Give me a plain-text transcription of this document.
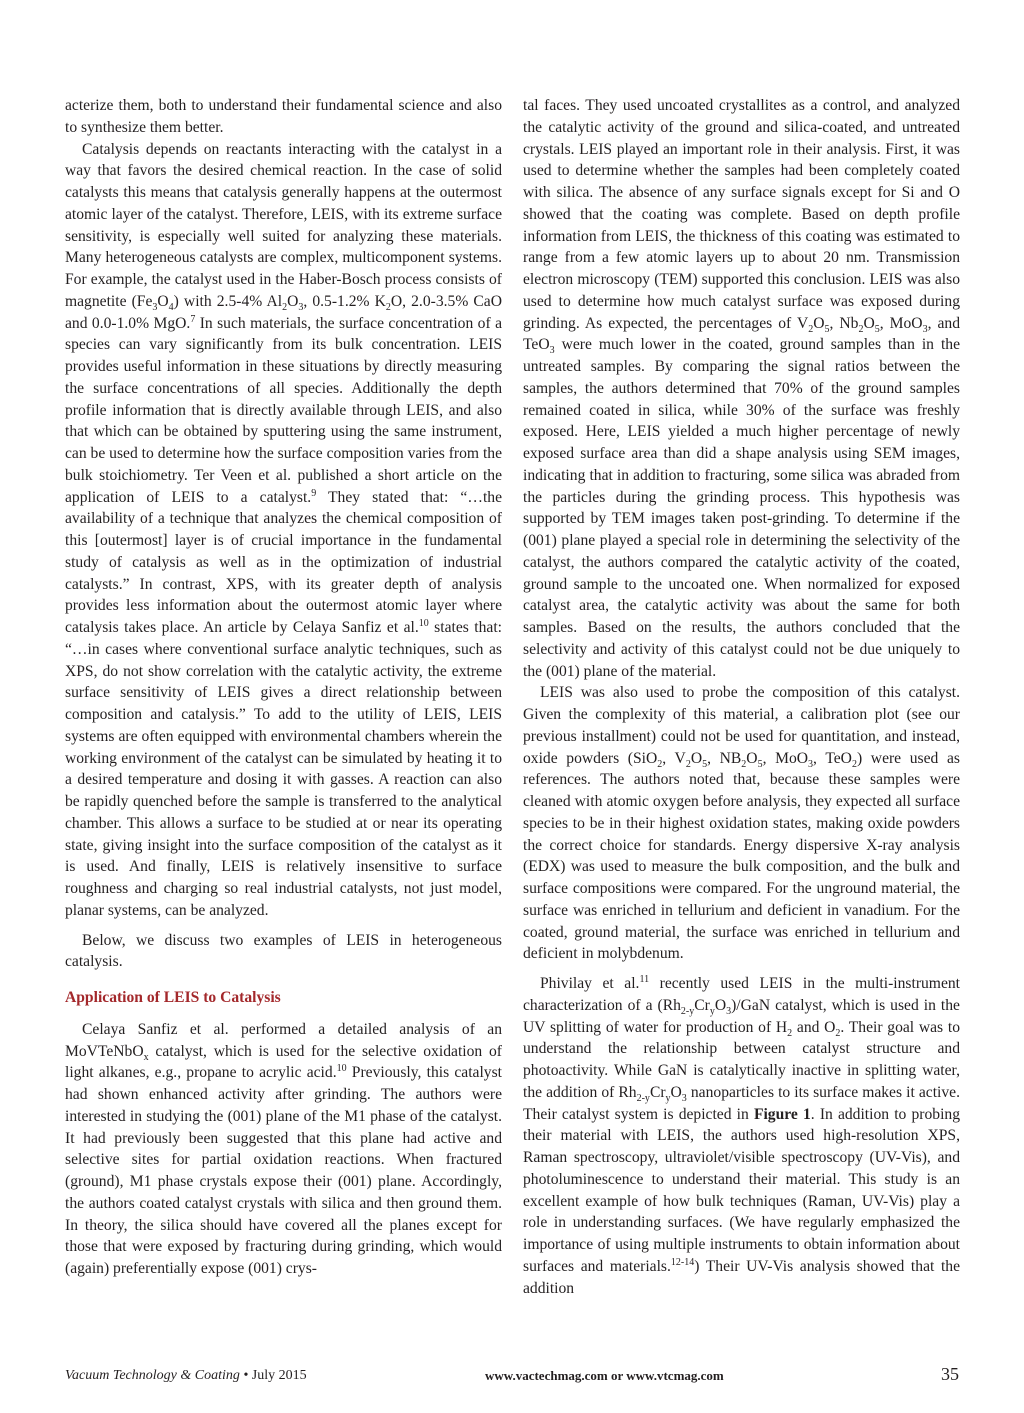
acterize them, both to understand their fundamental science and also to synthesize them better.

Catalysis depends on reactants interacting with the catalyst in a way that favors the desired chemical reaction. In the case of solid catalysts this means that catalysis generally happens at the outermost atomic layer of the catalyst. Therefore, LEIS, with its extreme surface sensitivity, is especially well suited for analyzing these materials. Many heterogeneous catalysts are complex, multicomponent systems. For example, the catalyst used in the Haber-Bosch process consists of magnetite $(Fe_3O_4)$ with 2.5-4% $Al_2O_3$, 0.5-1.2% $K_2O$, 2.0-3.5% CaO and 0.0-1.0% MgO.$^7$ In such materials, the surface concentration of a species can vary significantly from its bulk concentration. LEIS provides useful information in these situations by directly measuring the surface concentrations of all species. Additionally the depth profile information that is directly available through LEIS, and also that which can be obtained by sputtering using the same instrument, can be used to determine how the surface composition varies from the bulk stoichiometry. Ter Veen et al. published a short article on the application of LEIS to a catalyst.$^9$ They stated that: “…the availability of a technique that analyzes the chemical composition of this [outermost] layer is of crucial importance in the fundamental study of catalysis as well as in the optimization of industrial catalysts.” In contrast, XPS, with its greater depth of analysis provides less information about the outermost atomic layer where catalysis takes place. An article by Celaya Sanfiz et al.$^{10}$ states that: “…in cases where conventional surface analytic techniques, such as XPS, do not show correlation with the catalytic activity, the extreme surface sensitivity of LEIS gives a direct relationship between composition and catalysis.” To add to the utility of LEIS, LEIS systems are often equipped with environmental chambers wherein the working environment of the catalyst can be simulated by heating it to a desired temperature and dosing it with gasses. A reaction can also be rapidly quenched before the sample is transferred to the analytical chamber. This allows a surface to be studied at or near its operating state, giving insight into the surface composition of the catalyst as it is used. And finally, LEIS is relatively insensitive to surface roughness and charging so real industrial catalysts, not just model, planar systems, can be analyzed.

Below, we discuss two examples of LEIS in heterogeneous catalysis.

Application of LEIS to Catalysis

Celaya Sanfiz et al. performed a detailed analysis of an MoVTeNbO$_x$ catalyst, which is used for the selective oxidation of light alkanes, e.g., propane to acrylic acid.$^{10}$ Previously, this catalyst had shown enhanced activity after grinding. The authors were interested in studying the (001) plane of the M1 phase of the catalyst. It had previously been suggested that this plane had active and selective sites for partial oxidation reactions. When fractured (ground), M1 phase crystals expose their (001) plane. Accordingly, the authors coated catalyst crystals with silica and then ground them. In theory, the silica should have covered all the planes except for those that were exposed by fracturing during grinding, which would (again) preferentially expose (001) crys-

tal faces. They used uncoated crystallites as a control, and analyzed the catalytic activity of the ground and silica-coated, and untreated crystals. LEIS played an important role in their analysis. First, it was used to determine whether the samples had been completely coated with silica. The absence of any surface signals except for Si and O showed that the coating was complete. Based on depth profile information from LEIS, the thickness of this coating was estimated to range from a few atomic layers up to about 20 nm. Transmission electron microscopy (TEM) supported this conclusion. LEIS was also used to determine how much catalyst surface was exposed during grinding. As expected, the percentages of $V_2O_5$, $Nb_2O_5$, MoO$_3$, and TeO$_3$ were much lower in the coated, ground samples than in the untreated samples. By comparing the signal ratios between the samples, the authors determined that 70% of the ground samples remained coated in silica, while 30% of the surface was freshly exposed. Here, LEIS yielded a much higher percentage of newly exposed surface area than did a shape analysis using SEM images, indicating that in addition to fracturing, some silica was abraded from the particles during the grinding process. This hypothesis was supported by TEM images taken post-grinding. To determine if the (001) plane played a special role in determining the selectivity of the catalyst, the authors compared the catalytic activity of the coated, ground sample to the uncoated one. When normalized for exposed catalyst area, the catalytic activity was about the same for both samples. Based on the results, the authors concluded that the selectivity and activity of this catalyst could not be due uniquely to the (001) plane of the material.

LEIS was also used to probe the composition of this catalyst. Given the complexity of this material, a calibration plot (see our previous installment) could not be used for quantitation, and instead, oxide powders (SiO$_2$, $V_2O_5$, $NB_2O_5$, MoO$_3$, TeO$_2$) were used as references. The authors noted that, because these samples were cleaned with atomic oxygen before analysis, they expected all surface species to be in their highest oxidation states, making oxide powders the correct choice for standards. Energy dispersive X-ray analysis (EDX) was used to measure the bulk composition, and the bulk and surface compositions were compared. For the unground material, the surface was enriched in tellurium and deficient in vanadium. For the coated, ground material, the surface was enriched in tellurium and deficient in molybdenum.

Phivilay et al.$^{11}$ recently used LEIS in the multi-instrument characterization of a $(Rh_{2-y}Cr_yO_3)$/GaN catalyst, which is used in the UV splitting of water for production of $H_2$ and $O_2$. Their goal was to understand the relationship between catalyst structure and photoactivity. While GaN is catalytically inactive in splitting water, the addition of $Rh_{2-y}Cr_yO_3$ nanoparticles to its surface makes it active. Their catalyst system is depicted in Figure 1. In addition to probing their material with LEIS, the authors used high-resolution XPS, Raman spectroscopy, ultraviolet/visible spectroscopy (UV-Vis), and photoluminescence to understand their material. This study is an excellent example of how bulk techniques (Raman, UV-Vis) play a role in understanding surfaces. (We have regularly emphasized the importance of using multiple instruments to obtain information about surfaces and materials.$^{12-14}$) Their UV-Vis analysis showed that the addition

Vacuum Technology & Coating • July 2015	www.vactechmag.com or www.vtcmag.com	35
